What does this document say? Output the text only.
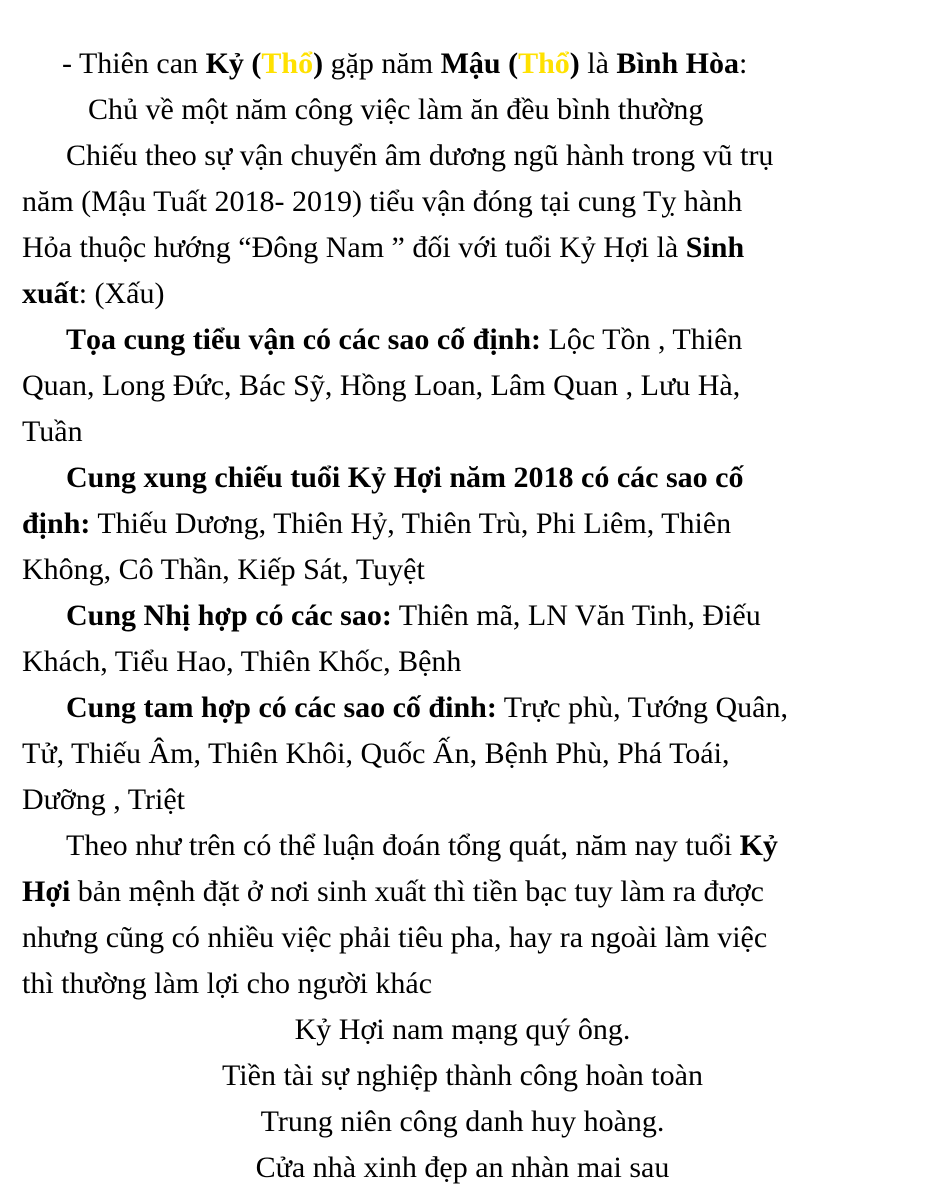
- Thiên can Kỷ (Thổ) gặp năm Mậu (Thổ) là Bình Hòa:
Chủ về một năm công việc làm ăn đều bình thường
Chiếu theo sự vận chuyển âm dương ngũ hành trong vũ trụ
năm (Mậu Tuất 2018- 2019) tiểu vận đóng tại cung Tỵ hành
Hỏa thuộc hướng “Đông Nam ” đối với tuổi Kỷ Hợi là Sinh
xuất: (Xấu)
Tọa cung tiểu vận có các sao cố định: Lộc Tồn , Thiên
Quan, Long Đức, Bác Sỹ, Hồng Loan, Lâm Quan , Lưu Hà,
Tuần
Cung xung chiếu tuổi Kỷ Hợi năm 2018 có các sao cố
định: Thiếu Dương, Thiên Hỷ, Thiên Trù, Phi Liêm, Thiên
Không, Cô Thần, Kiếp Sát, Tuyệt
Cung Nhị hợp có các sao: Thiên mã, LN Văn Tinh, Điếu
Khách, Tiểu Hao, Thiên Khốc, Bệnh
Cung tam hợp có các sao cố đinh: Trực phù, Tướng Quân,
Tử, Thiếu Âm, Thiên Khôi, Quốc Ấn, Bệnh Phù, Phá Toái,
Dưỡng , Triệt
Theo như trên có thể luận đoán tổng quát, năm nay tuổi Kỷ
Hợi bản mệnh đặt ở nơi sinh xuất thì tiền bạc tuy làm ra được
nhưng cũng có nhiều việc phải tiêu pha, hay ra ngoài làm việc
thì thường làm lợi cho người khác
Kỷ Hợi nam mạng quý ông.
Tiền tài sự nghiệp thành công hoàn toàn
Trung niên công danh huy hoàng.
Cửa nhà xinh đẹp an nhàn mai sau
